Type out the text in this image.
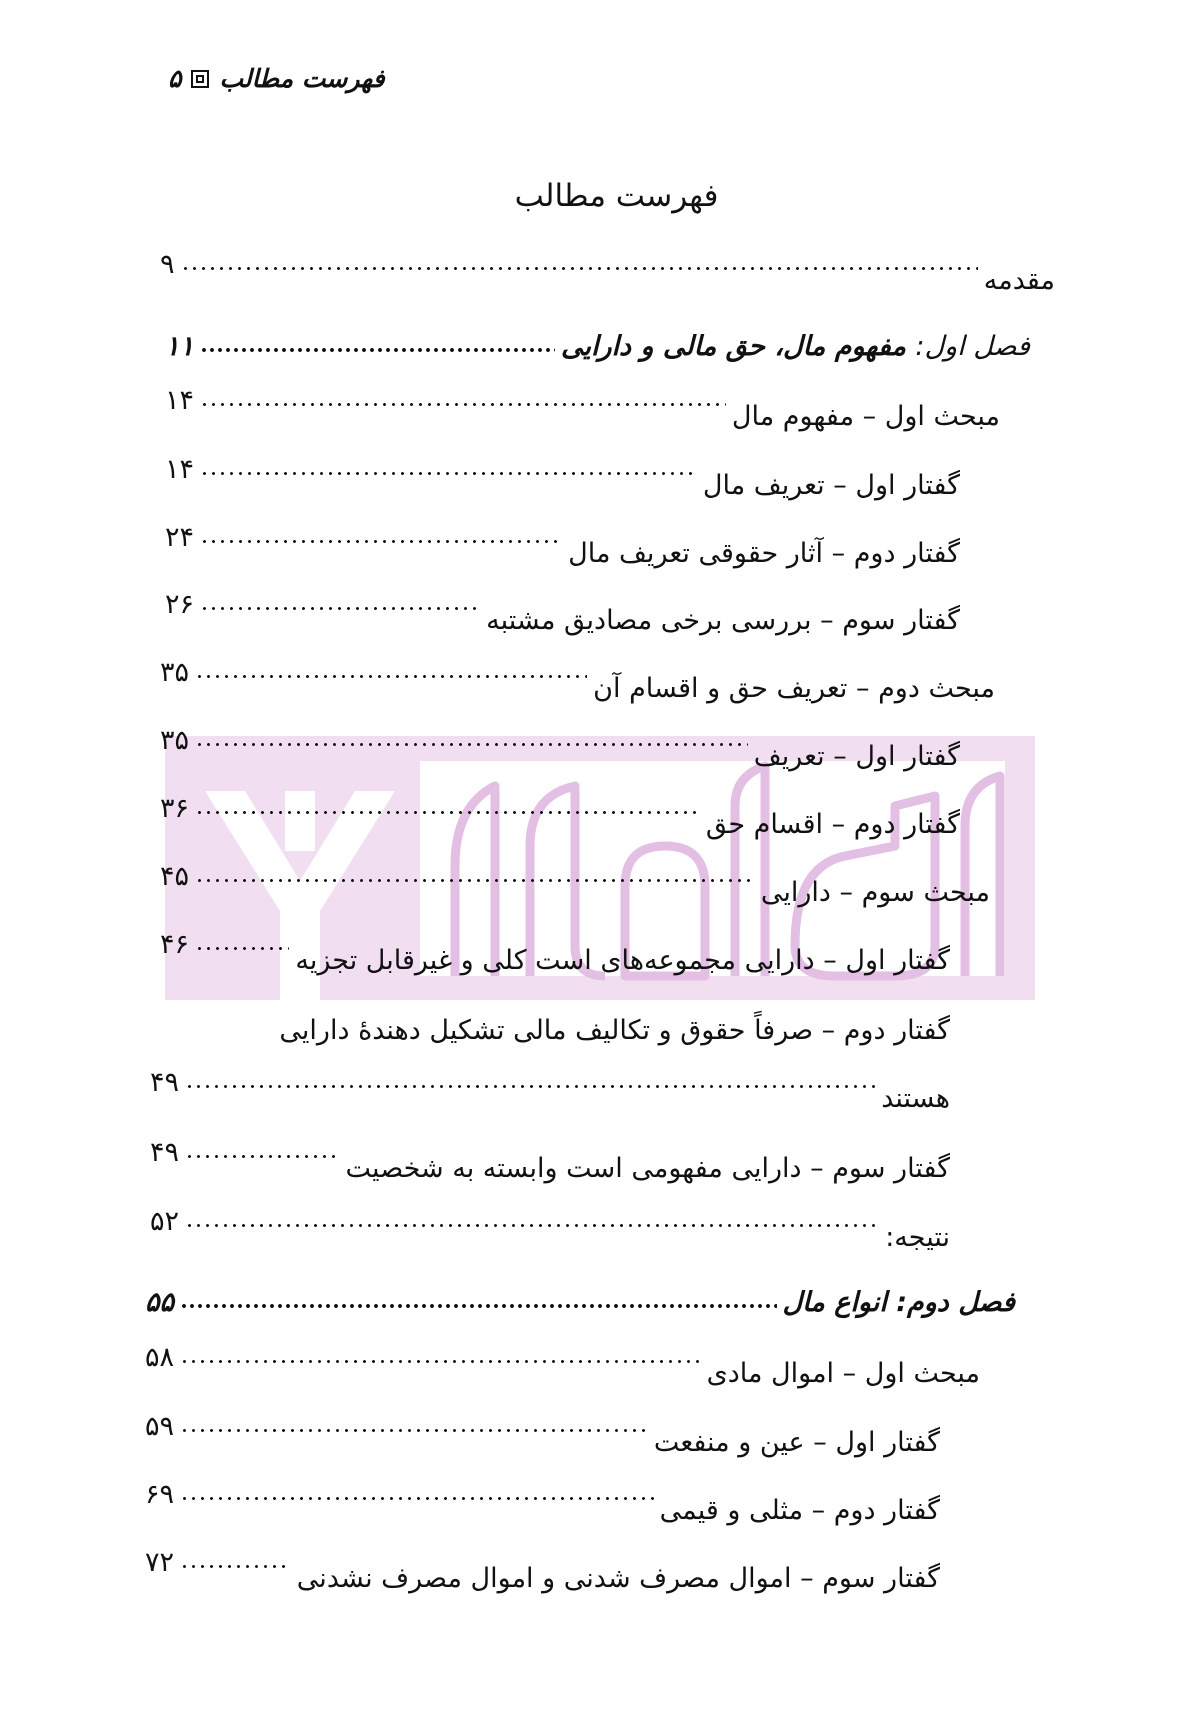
فهرست مطالب
۵
فهرست مطالب
مقدمه
۹
فصل اول: مفهوم مال، حق مالی و دارایی
۱۱
مبحث اول – مفهوم مال
۱۴
گفتار اول – تعریف مال
۱۴
گفتار دوم – آثار حقوقی تعریف مال
۲۴
گفتار سوم – بررسی برخی مصادیق مشتبه
۲۶
مبحث دوم – تعریف حق و اقسام آن
۳۵
گفتار اول – تعریف
۳۵
گفتار دوم – اقسام حق
۳۶
مبحث سوم – دارایی
۴۵
گفتار اول – دارایی مجموعه‌های است کلی و غیرقابل تجزیه
۴۶
گفتار دوم – صرفاً حقوق و تکالیف مالی تشکیل دهندهٔ دارایی
هستند
۴۹
گفتار سوم – دارایی مفهومی است وابسته به شخصیت
۴۹
نتیجه:
۵۲
فصل دوم: انواع مال
۵۵
مبحث اول – اموال مادی
۵۸
گفتار اول – عین و منفعت
۵۹
گفتار دوم – مثلی و قیمی
۶۹
گفتار سوم – اموال مصرف شدنی و اموال مصرف نشدنی
۷۲
